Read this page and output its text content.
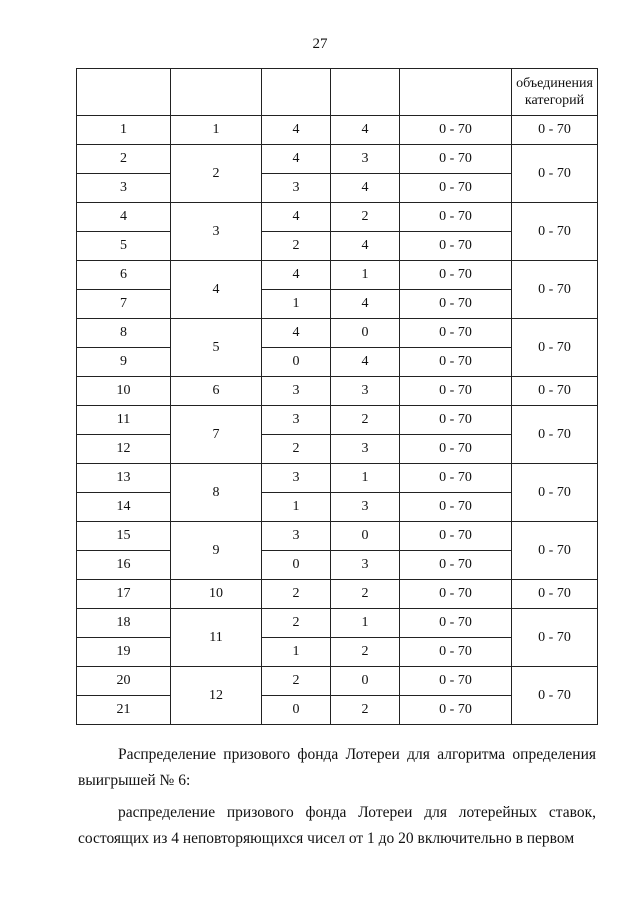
27
					объединения категорий
1	1	4	4	0 - 70	0 - 70
2	2	4	3	0 - 70	0 - 70
3		3	4	0 - 70	
4	3	4	2	0 - 70	0 - 70
5		2	4	0 - 70	
6	4	4	1	0 - 70	0 - 70
7		1	4	0 - 70	
8	5	4	0	0 - 70	0 - 70
9		0	4	0 - 70	
10	6	3	3	0 - 70	0 - 70
11	7	3	2	0 - 70	0 - 70
12		2	3	0 - 70	
13	8	3	1	0 - 70	0 - 70
14		1	3	0 - 70	
15	9	3	0	0 - 70	0 - 70
16		0	3	0 - 70	
17	10	2	2	0 - 70	0 - 70
18	11	2	1	0 - 70	0 - 70
19		1	2	0 - 70	
20	12	2	0	0 - 70	0 - 70
21		0	2	0 - 70	

Распределение призового фонда Лотереи для алгоритма определения выигрышей № 6:

распределение призового фонда Лотереи для лотерейных ставок, состоящих из 4 неповторяющихся чисел от 1 до 20 включительно в первом
